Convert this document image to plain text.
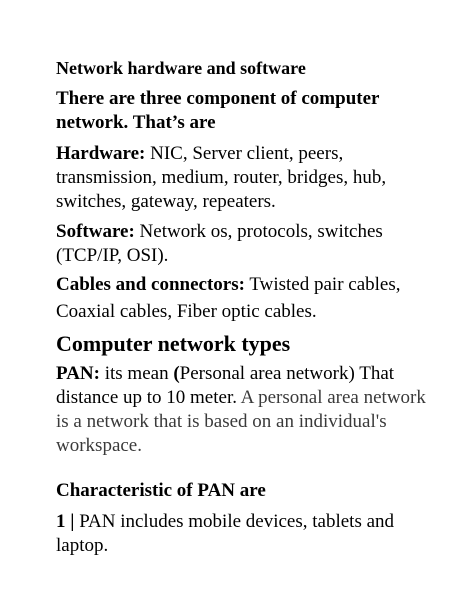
Network hardware and software
There are three component of computer
network. That’s are
Hardware: NIC, Server client, peers,
transmission, medium, router, bridges, hub,
switches, gateway, repeaters.
Software: Network os, protocols, switches
(TCP/IP, OSI).
Cables and connectors: Twisted pair cables,
Coaxial cables, Fiber optic cables.
Computer network types
PAN: its mean (Personal area network) That
distance up to 10 meter. A personal area network
is a network that is based on an individual's
workspace.
Characteristic of PAN are
1 | PAN includes mobile devices, tablets and
laptop.
